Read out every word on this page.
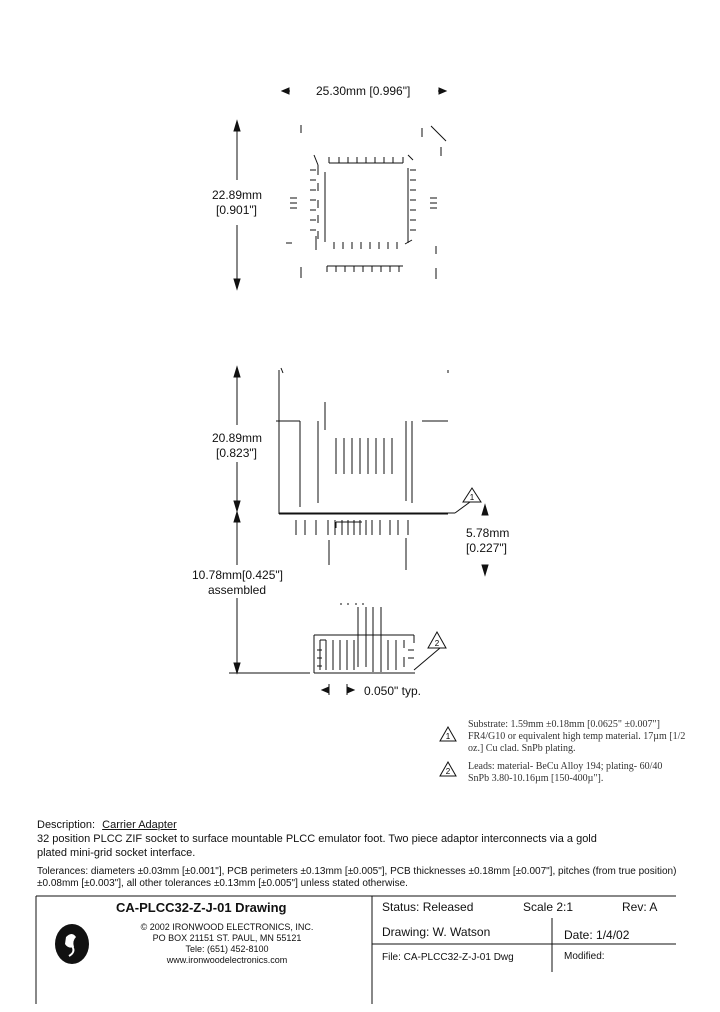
1
2
1
2
25.30mm [0.996"]
22.89mm
[0.901"]
20.89mm
[0.823"]
5.78mm
[0.227"]
10.78mm[0.425"]
assembled
0.050" typ.
Substrate: 1.59mm ±0.18mm [0.0625" ±0.007"]
FR4/G10 or equivalent high temp material. 17µm [1/2
oz.] Cu clad. SnPb plating.
Leads: material- BeCu Alloy 194; plating- 60/40
SnPb 3.80-10.16µm [150-400µ"].
Description: Carrier Adapter
32 position PLCC ZIF socket to surface mountable PLCC emulator foot. Two piece adaptor interconnects via a gold
plated mini-grid socket interface.
Tolerances: diameters ±0.03mm [±0.001"], PCB perimeters ±0.13mm [±0.005"], PCB thicknesses ±0.18mm [±0.007"], pitches (from true position)
±0.08mm [±0.003"], all other tolerances ±0.13mm [±0.005"] unless stated otherwise.
CA-PLCC32-Z-J-01 Drawing
© 2002 IRONWOOD ELECTRONICS, INC.
PO BOX 21151 ST. PAUL, MN 55121
Tele: (651) 452-8100
www.ironwoodelectronics.com
Status: Released	Scale 2:1	Rev: A
Drawing: W. Watson	Date: 1/4/02
File: CA-PLCC32-Z-J-01 Dwg	Modified:
